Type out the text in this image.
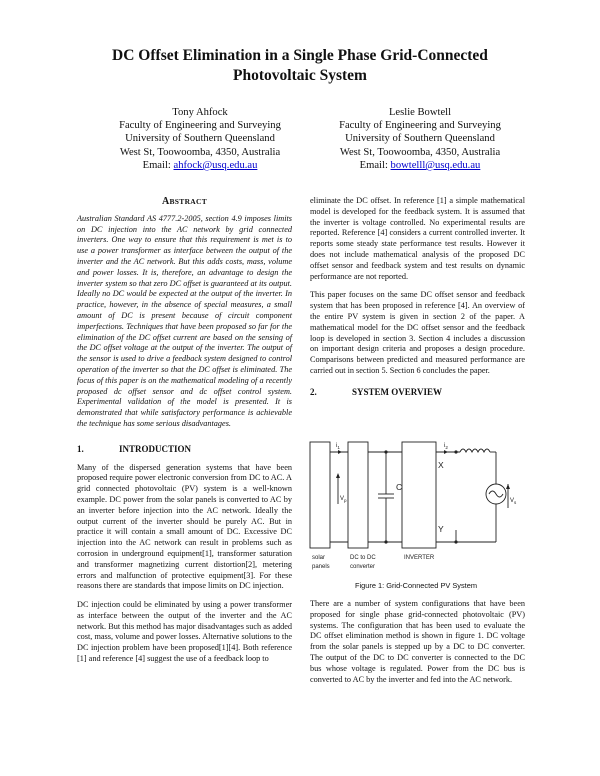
DC Offset Elimination in a Single Phase Grid-Connected
Photovoltaic System
Tony Ahfock
Faculty of Engineering and Surveying
University of Southern Queensland
West St, Toowoomba, 4350, Australia
Email: ahfock@usq.edu.au
Leslie Bowtell
Faculty of Engineering and Surveying
University of Southern Queensland
West St, Toowoomba, 4350, Australia
Email: bowtelll@usq.edu.au
ABSTRACT

Australian Standard AS 4777.2-2005, section 4.9 imposes limits on DC injection into the AC network by grid connected inverters. One way to ensure that this requirement is met is to use a power transformer as interface between the output of the inverter and the AC network. But this adds costs, mass, volume and power losses. It is, therefore, an advantage to design the inverter system so that zero DC offset is guaranteed at its output. Ideally no DC would be expected at the output of the inverter. In practice, however, in the absence of special measures, a small amount of DC is present because of circuit component imperfections. Techniques that have been proposed so far for the elimination of the DC offset current are based on the sensing of the DC offset voltage at the output of the inverter. The output of the sensor is used to drive a feedback system designed to control operation of the inverter so that the DC offset is eliminated. The focus of this paper is on the mathematical modeling of a recently proposed dc offset sensor and dc offset control system. Experimental validation of the model is presented. It is demonstrated that while satisfactory performance is achievable the technique has some serious disadvantages.

1.	INTRODUCTION

Many of the dispersed generation systems that have been proposed require power electronic conversion from DC to AC. A grid connected photovoltaic (PV) system is a well-known example. DC power from the solar panels is converted to AC by an inverter before injection into the AC network. Ideally the output current of the inverter should be purely AC. But in practice it will contain a small amount of DC. Excessive DC injection into the AC network can result in problems such as corrosion in underground equipment[1], transformer saturation and transformer magnetizing current distortion[2], metering errors and malfunction of protective equipment[3]. For these reasons there are standards that impose limits on DC injection.

DC injection could be eliminated by using a power transformer as interface between the output of the inverter and the AC network. But this method has major disadvantages such as added cost, mass, volume and power losses. Alternative solutions to the DC injection problem have been proposed[1][4]. Both reference [1] and reference [4] suggest the use of a feedback loop to

eliminate the DC offset. In reference [1] a simple mathematical model is developed for the feedback system. It is assumed that the inverter is voltage controlled. No experimental results are reported. Reference [4] considers a current controlled inverter. It reports some steady state performance test results. However it does not include mathematical analysis of the proposed DC offset sensor and feedback system and test results on dynamic performance are not reported.

This paper focuses on the same DC offset sensor and feedback system that has been proposed in reference [4]. An overview of the entire PV system is given in section 2 of the paper. A mathematical model for the DC offset sensor and the feedback loop is developed in section 3. Section 4 includes a discussion on important design criteria and proposes a design procedure. Comparisons between predicted and measured performance are carried out in section 5. Section 6 concludes the paper.

2.	SYSTEM OVERVIEW
$i_1$	$i_2$
$V_p$	$V_s$
C
X
Y
solar
panels
DC to DC
converter
INVERTER
Figure 1: Grid-Connected PV System

There are a number of system configurations that have been proposed for single phase grid-connected photovoltaic (PV) systems. The configuration that has been used to evaluate the DC offset elimination method is shown in figure 1. DC voltage from the solar panels is stepped up by a DC to DC converter. The output of the DC to DC converter is connected to the DC bus whose voltage is regulated. Power from the DC bus is converted to AC by the inverter and fed into the AC network.
